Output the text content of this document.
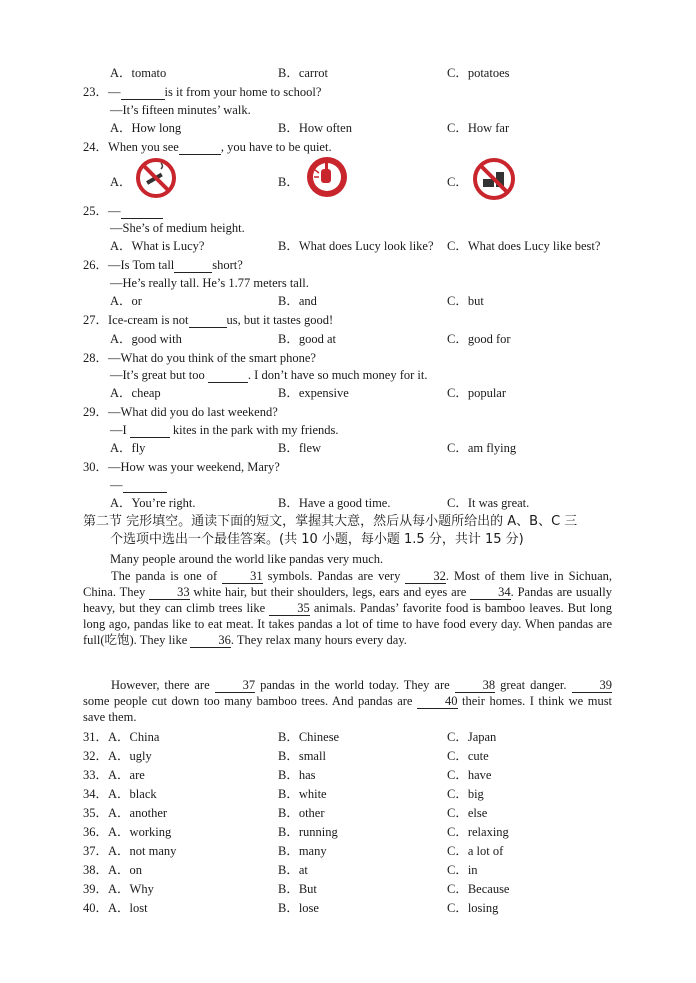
A．tomato	B．carrot	C．potatoes
23．—	is it from your home to school?
—It’s fifteen minutes’ walk.
A．How long	B．How often	C．How far
24．When you see	, you have to be quiet.
A．	B．	C．
25．—
—She’s of medium height.
A．What is Lucy?	B．What does Lucy look like? C．What does Lucy like best?
26．—Is Tom tall	short?
—He’s really tall. He’s 1.77 meters tall.
A．or	B．and	C．but
27．Ice-cream is not	us, but it tastes good!
A．good with	B．good at	C．good for
28．—What do you think of the smart phone?
—It’s great but too	. I don’t have so much money for it.
A．cheap	B．expensive	C．popular
29．—What did you do last weekend?
—I	kites in the park with my friends.
A．fly	B．flew	C．am flying
30．—How was your weekend, Mary?
—
A．You’re right.	B．Have a good time.	C．It was great.
第二节 完形填空。通读下面的短文，掌握其大意，然后从每小题所给出的 A、B、C 三
个选项中选出一个最佳答案。(共 10 小题，每小题 1.5 分，共计 15 分)
Many people around the world like pandas very much.
The panda is one of	31 symbols. Pandas are very	32. Most of them live in Sichuan, China. They	33 white hair, but their shoulders, legs, ears and eyes are	34. Pandas are usually heavy, but they can climb trees like	35 animals. Pandas’ favorite food is bamboo leaves. But long long ago, pandas like to eat meat. It takes pandas a lot of time to have food every day. When pandas are full(吃饱). They like 36. They relax many hours every day.
However, there are	37 pandas in the world today. They are	38 great danger.	39 some people cut down too many bamboo trees. And pandas are	40 their homes. I think we must save them.
31．A．China	B．Chinese	C．Japan
32．A．ugly	B．small	C．cute
33．A．are	B．has	C．have
34．A．black	B．white	C．big
35．A．another	B．other	C．else
36．A．working	B．running	C．relaxing
37．A．not many	B．many	C．a lot of
38．A．on	B．at	C．in
39．A．Why	B．But	C．Because
40．A．lost	B．lose	C．losing
